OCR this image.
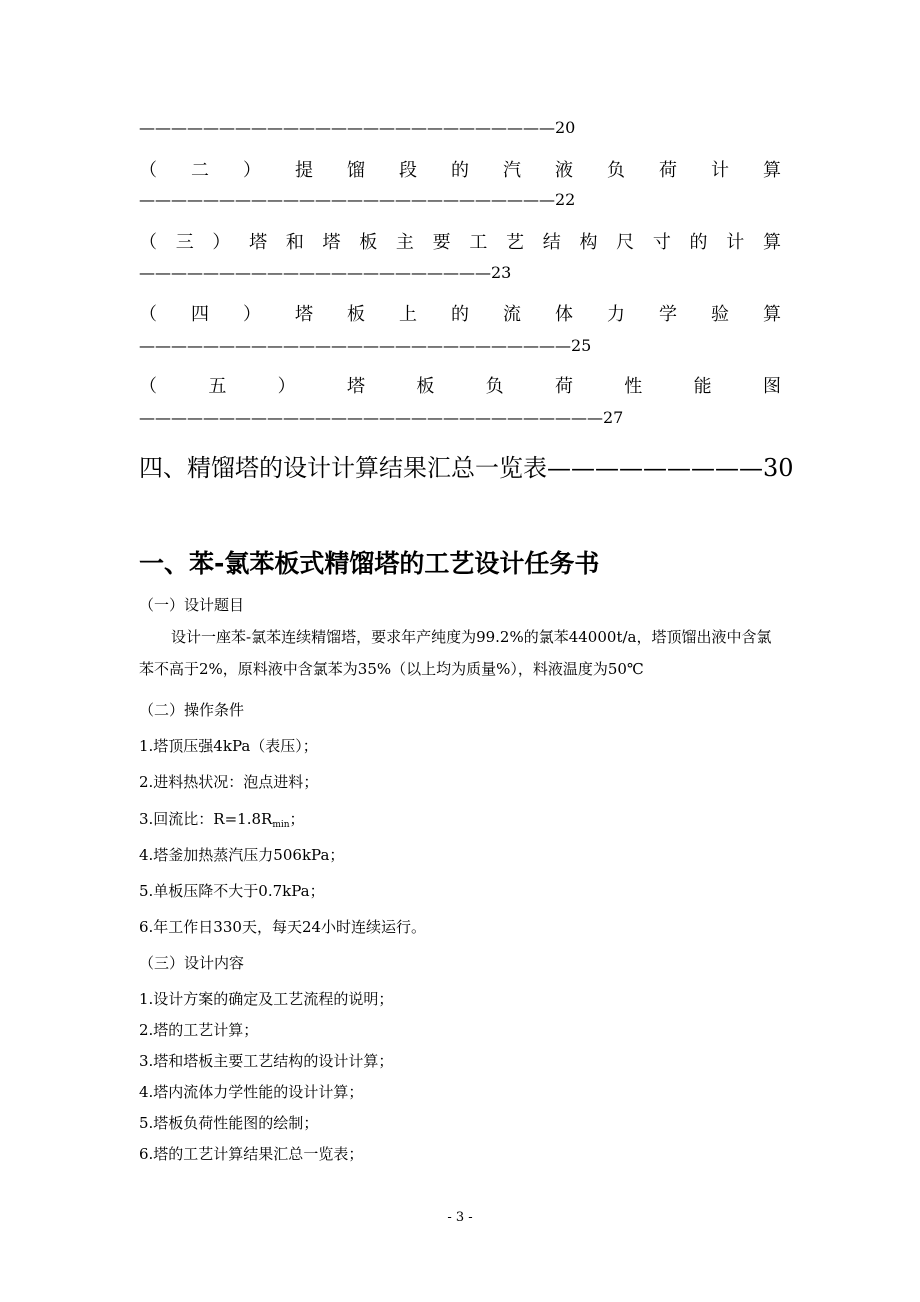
——————————————————————————20
（ 二 ） 提 馏 段 的 汽 液 负 荷 计 算
——————————————————————————22
（ 三 ） 塔 和 塔 板 主 要 工 艺 结 构 尺 寸 的 计 算
——————————————————————23
（ 四 ） 塔 板 上 的 流 体 力 学 验 算
———————————————————————————25
（	五	）	塔	板	负	荷	性	能	图
—————————————————————————————27
四、精馏塔的设计计算结果汇总一览表—————————30
一、苯-氯苯板式精馏塔的工艺设计任务书
（一）设计题目
设计一座苯-氯苯连续精馏塔，要求年产纯度为99.2%的氯苯44000t/a，塔顶馏出液中含氯苯不高于2%，原料液中含氯苯为35%（以上均为质量%），料液温度为50℃
（二）操作条件
1.塔顶压强4kPa（表压）；
2.进料热状况：泡点进料；
3.回流比：$R=1.8R_{min}$；
4.塔釜加热蒸汽压力506kPa；
5.单板压降不大于0.7kPa；
6.年工作日330天，每天24小时连续运行。
（三）设计内容
1.设计方案的确定及工艺流程的说明；
2.塔的工艺计算；
3.塔和塔板主要工艺结构的设计计算；
4.塔内流体力学性能的设计计算；
5.塔板负荷性能图的绘制；
6.塔的工艺计算结果汇总一览表；
- 3 -
